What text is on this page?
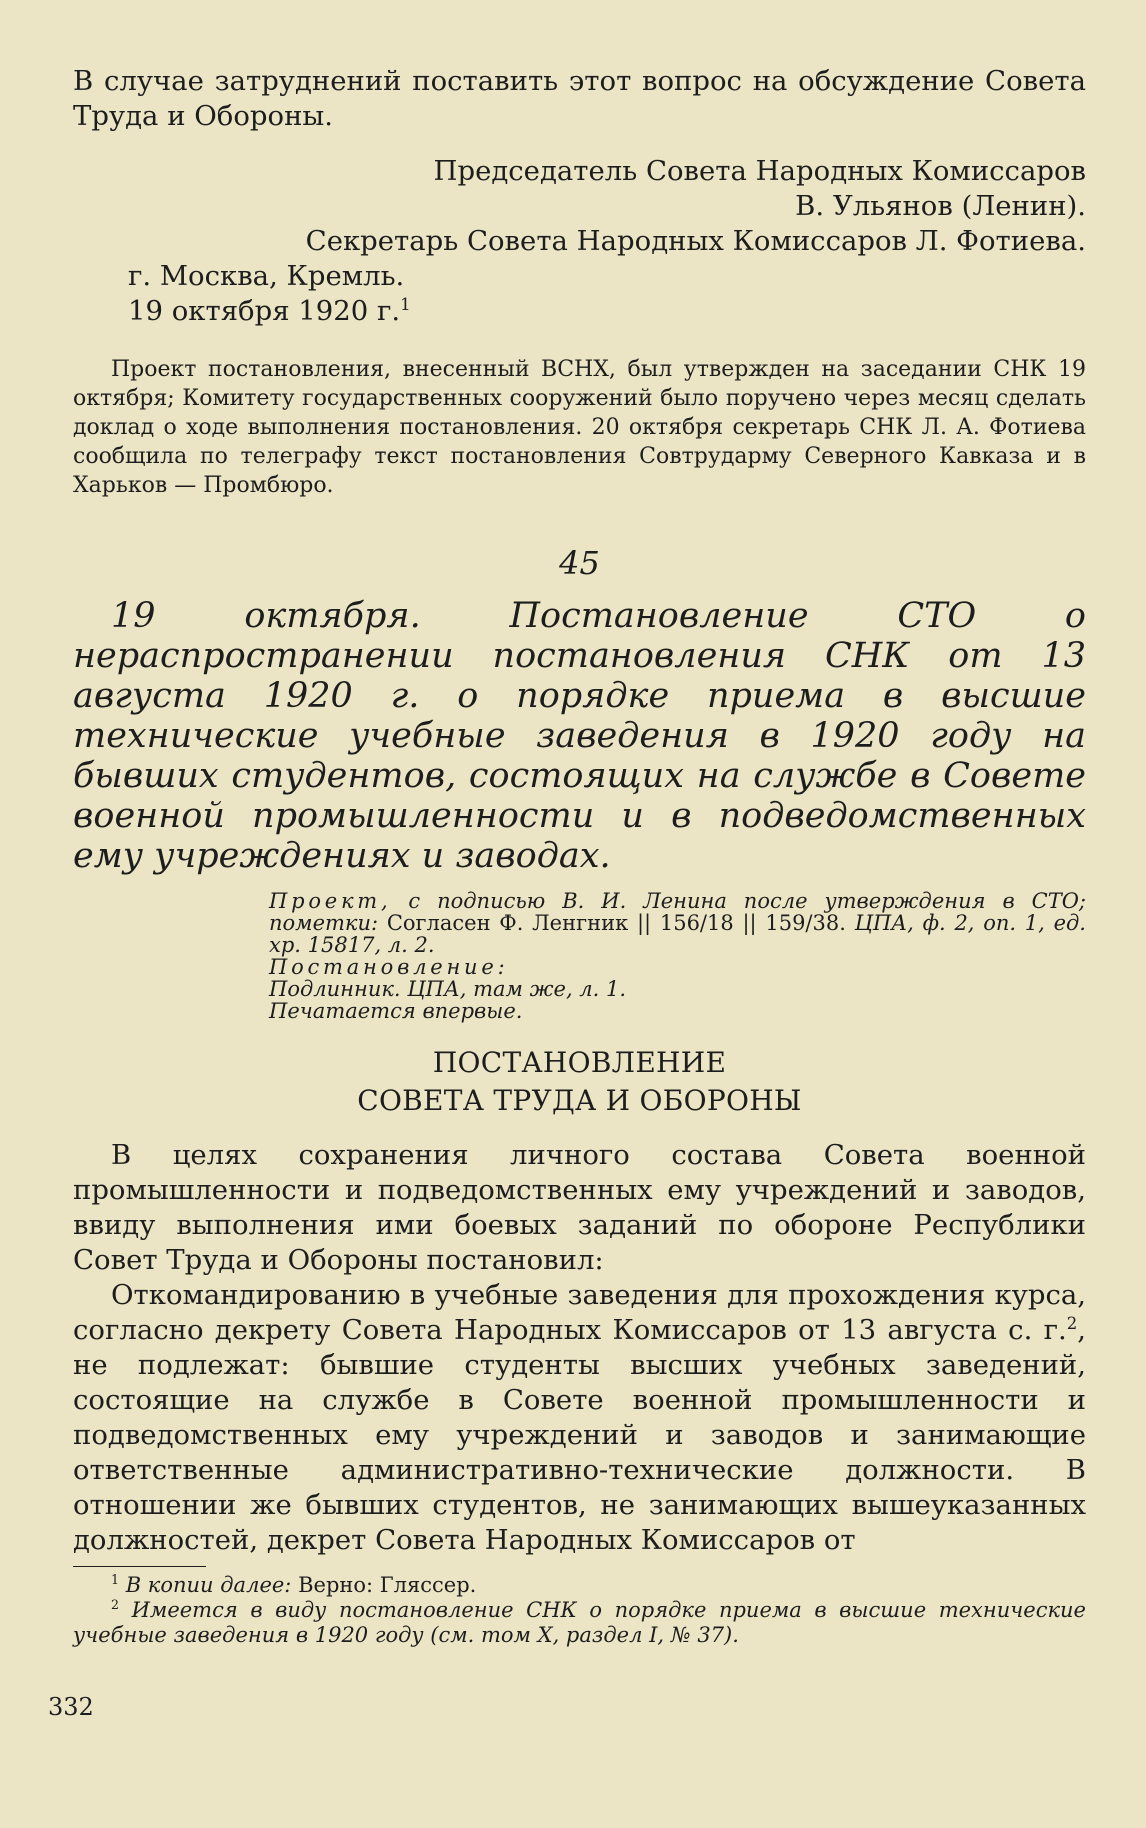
В случае затруднений поставить этот вопрос на обсуждение Совета Труда и Обороны.

Председатель Совета Народных Комиссаров

В. Ульянов (Ленин).

Секретарь Совета Народных Комиссаров Л. Фотиева.

г. Москва, Кремль.

19 октября 1920 г.$^1$

Проект постановления, внесенный ВСНХ, был утвержден на заседании СНК 19 октября; Комитету государственных сооружений было поручено через месяц сделать доклад о ходе выполнения постановления. 20 октября секретарь СНК Л. А. Фотиева сообщила по телеграфу текст постановления Совтрударму Северного Кавказа и в Харьков — Промбюро.

45

19 октября. Постановление СТО о нераспространении постановления СНК от 13 августа 1920 г. о порядке приема в высшие технические учебные заведения в 1920 году на бывших студентов, состоящих на службе в Совете военной промышленности и в подведомственных ему учреждениях и заводах.

Проект, с подписью В. И. Ленина после утверждения в СТО; пометки: Согласен Ф. Ленгник || 156/18 || 159/38. ЦПА, ф. 2, оп. 1, ед. хр. 15817, л. 2.

Постановление:

Подлинник. ЦПА, там же, л. 1.

Печатается впервые.

ПОСТАНОВЛЕНИЕ
СОВЕТА ТРУДА И ОБОРОНЫ

В целях сохранения личного состава Совета военной промышленности и подведомственных ему учреждений и заводов, ввиду выполнения ими боевых заданий по обороне Республики Совет Труда и Обороны постановил:

Откомандированию в учебные заведения для прохождения курса, согласно декрету Совета Народных Комиссаров от 13 августа с. г.$^2$, не подлежат: бывшие студенты высших учебных заведений, состоящие на службе в Совете военной промышленности и подведомственных ему учреждений и заводов и занимающие ответственные административно-технические должности. В отношении же бывших студентов, не занимающих вышеуказанных должностей, декрет Совета Народных Комиссаров от

$^1$ В копии далее: Верно: Гляссер.

$^2$ Имеется в виду постановление СНК о порядке приема в высшие технические учебные заведения в 1920 году (см. том X, раздел I, № 37).

332
